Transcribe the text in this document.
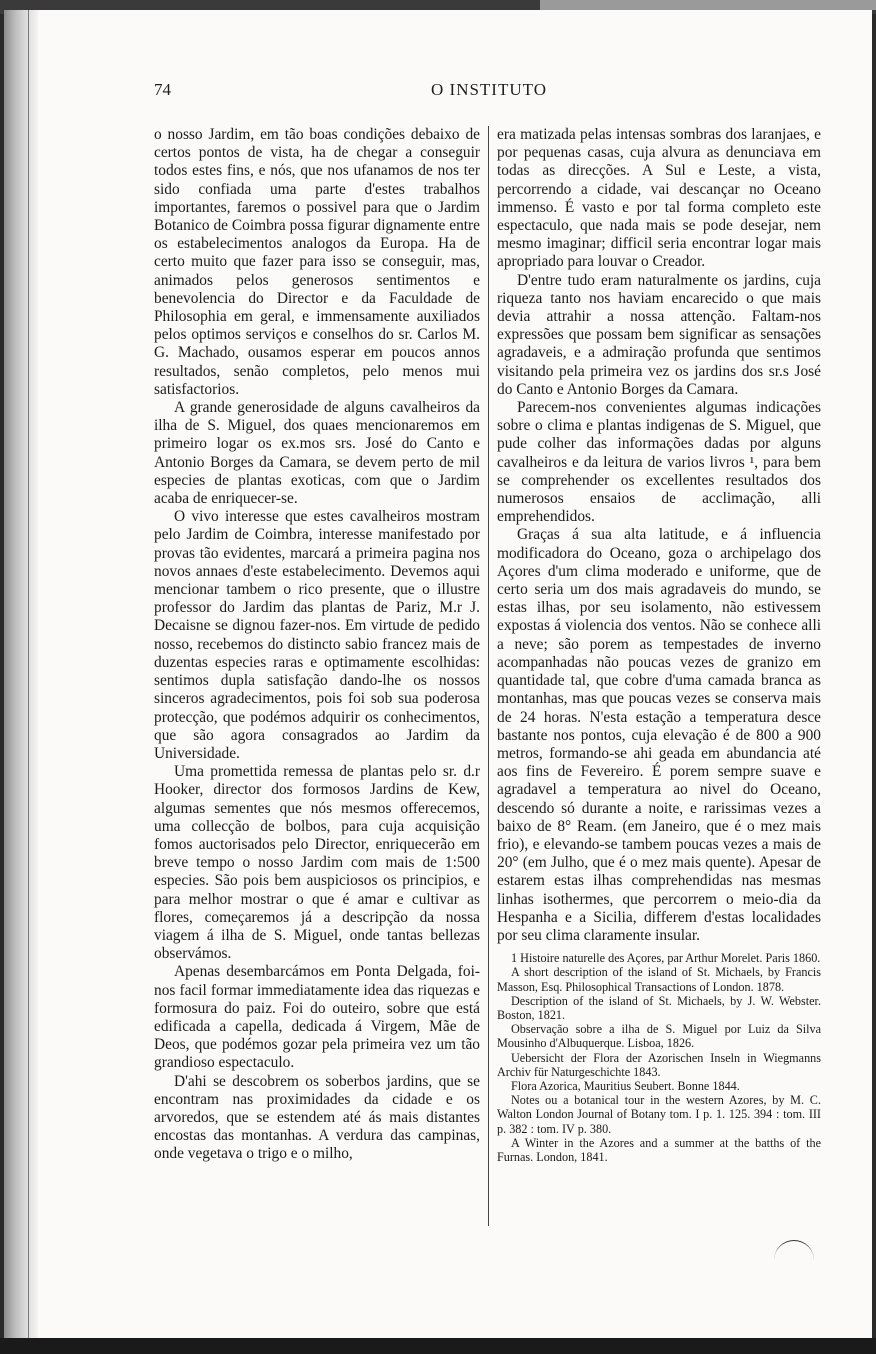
74	O INSTITUTO

o nosso Jardim, em tão boas condições debaixo de certos pontos de vista, ha de chegar a conseguir todos estes fins, e nós, que nos ufanamos de nos ter sido confiada uma parte d'estes trabalhos importantes, faremos o possivel para que o Jardim Botanico de Coimbra possa figurar dignamente entre os estabelecimentos analogos da Europa. Ha de certo muito que fazer para isso se conseguir, mas, animados pelos generosos sentimentos e benevolencia do Director e da Faculdade de Philosophia em geral, e immensamente auxiliados pelos optimos serviços e conselhos do sr. Carlos M. G. Machado, ousamos esperar em poucos annos resultados, senão completos, pelo menos mui satisfactorios.

A grande generosidade de alguns cavalheiros da ilha de S. Miguel, dos quaes mencionaremos em primeiro logar os ex.mos srs. José do Canto e Antonio Borges da Camara, se devem perto de mil especies de plantas exoticas, com que o Jardim acaba de enriquecer-se.

O vivo interesse que estes cavalheiros mostram pelo Jardim de Coimbra, interesse manifestado por provas tão evidentes, marcará a primeira pagina nos novos annaes d'este estabelecimento. Devemos aqui mencionar tambem o rico presente, que o illustre professor do Jardim das plantas de Pariz, M.r J. Decaisne se dignou fazer-nos. Em virtude de pedido nosso, recebemos do distincto sabio francez mais de duzentas especies raras e optimamente escolhidas: sentimos dupla satisfação dando-lhe os nossos sinceros agradecimentos, pois foi sob sua poderosa protecção, que podémos adquirir os conhecimentos, que são agora consagrados ao Jardim da Universidade.

Uma promettida remessa de plantas pelo sr. d.r Hooker, director dos formosos Jardins de Kew, algumas sementes que nós mesmos offerecemos, uma collecção de bolbos, para cuja acquisição fomos auctorisados pelo Director, enriquecerão em breve tempo o nosso Jardim com mais de 1:500 especies. São pois bem auspiciosos os principios, e para melhor mostrar o que é amar e cultivar as flores, começaremos já a descripção da nossa viagem á ilha de S. Miguel, onde tantas bellezas observámos.

Apenas desembarcámos em Ponta Delgada, foi-nos facil formar immediatamente idea das riquezas e formosura do paiz. Foi do outeiro, sobre que está edificada a capella, dedicada á Virgem, Mãe de Deos, que podémos gozar pela primeira vez um tão grandioso espectaculo.

D'ahi se descobrem os soberbos jardins, que se encontram nas proximidades da cidade e os arvoredos, que se estendem até ás mais distantes encostas das montanhas. A verdura das campinas, onde vegetava o trigo e o milho,

era matizada pelas intensas sombras dos laranjaes, e por pequenas casas, cuja alvura as denunciava em todas as direcções. A Sul e Leste, a vista, percorrendo a cidade, vai descançar no Oceano immenso. É vasto e por tal forma completo este espectaculo, que nada mais se pode desejar, nem mesmo imaginar; difficil seria encontrar logar mais apropriado para louvar o Creador.

D'entre tudo eram naturalmente os jardins, cuja riqueza tanto nos haviam encarecido o que mais devia attrahir a nossa attenção. Faltam-nos expressões que possam bem significar as sensações agradaveis, e a admiração profunda que sentimos visitando pela primeira vez os jardins dos sr.s José do Canto e Antonio Borges da Camara.

Parecem-nos convenientes algumas indicações sobre o clima e plantas indigenas de S. Miguel, que pude colher das informações dadas por alguns cavalheiros e da leitura de varios livros ¹, para bem se comprehender os excellentes resultados dos numerosos ensaios de acclimação, alli emprehendidos.

Graças á sua alta latitude, e á influencia modificadora do Oceano, goza o archipelago dos Açores d'um clima moderado e uniforme, que de certo seria um dos mais agradaveis do mundo, se estas ilhas, por seu isolamento, não estivessem expostas á violencia dos ventos. Não se conhece alli a neve; são porem as tempestades de inverno acompanhadas não poucas vezes de granizo em quantidade tal, que cobre d'uma camada branca as montanhas, mas que poucas vezes se conserva mais de 24 horas. N'esta estação a temperatura desce bastante nos pontos, cuja elevação é de 800 a 900 metros, formando-se ahi geada em abundancia até aos fins de Fevereiro. É porem sempre suave e agradavel a temperatura ao nivel do Oceano, descendo só durante a noite, e rarissimas vezes a baixo de 8° Ream. (em Janeiro, que é o mez mais frio), e elevando-se tambem poucas vezes a mais de 20° (em Julho, que é o mez mais quente). Apesar de estarem estas ilhas comprehendidas nas mesmas linhas isothermes, que percorrem o meio-dia da Hespanha e a Sicilia, differem d'estas localidades por seu clima claramente insular.

1 Histoire naturelle des Açores, par Arthur Morelet. Paris 1860.

A short description of the island of St. Michaels, by Francis Masson, Esq. Philosophical Transactions of London. 1878.

Description of the island of St. Michaels, by J. W. Webster. Boston, 1821.

Observação sobre a ilha de S. Miguel por Luiz da Silva Mousinho d'Albuquerque. Lisboa, 1826.

Uebersicht der Flora der Azorischen Inseln in Wiegmanns Archiv für Naturgeschichte 1843.

Flora Azorica, Mauritius Seubert. Bonne 1844.

Notes ou a botanical tour in the western Azores, by M. C. Walton London Journal of Botany tom. I p. 1. 125. 394 : tom. III p. 382 : tom. IV p. 380.

A Winter in the Azores and a summer at the batths of the Furnas. London, 1841.
